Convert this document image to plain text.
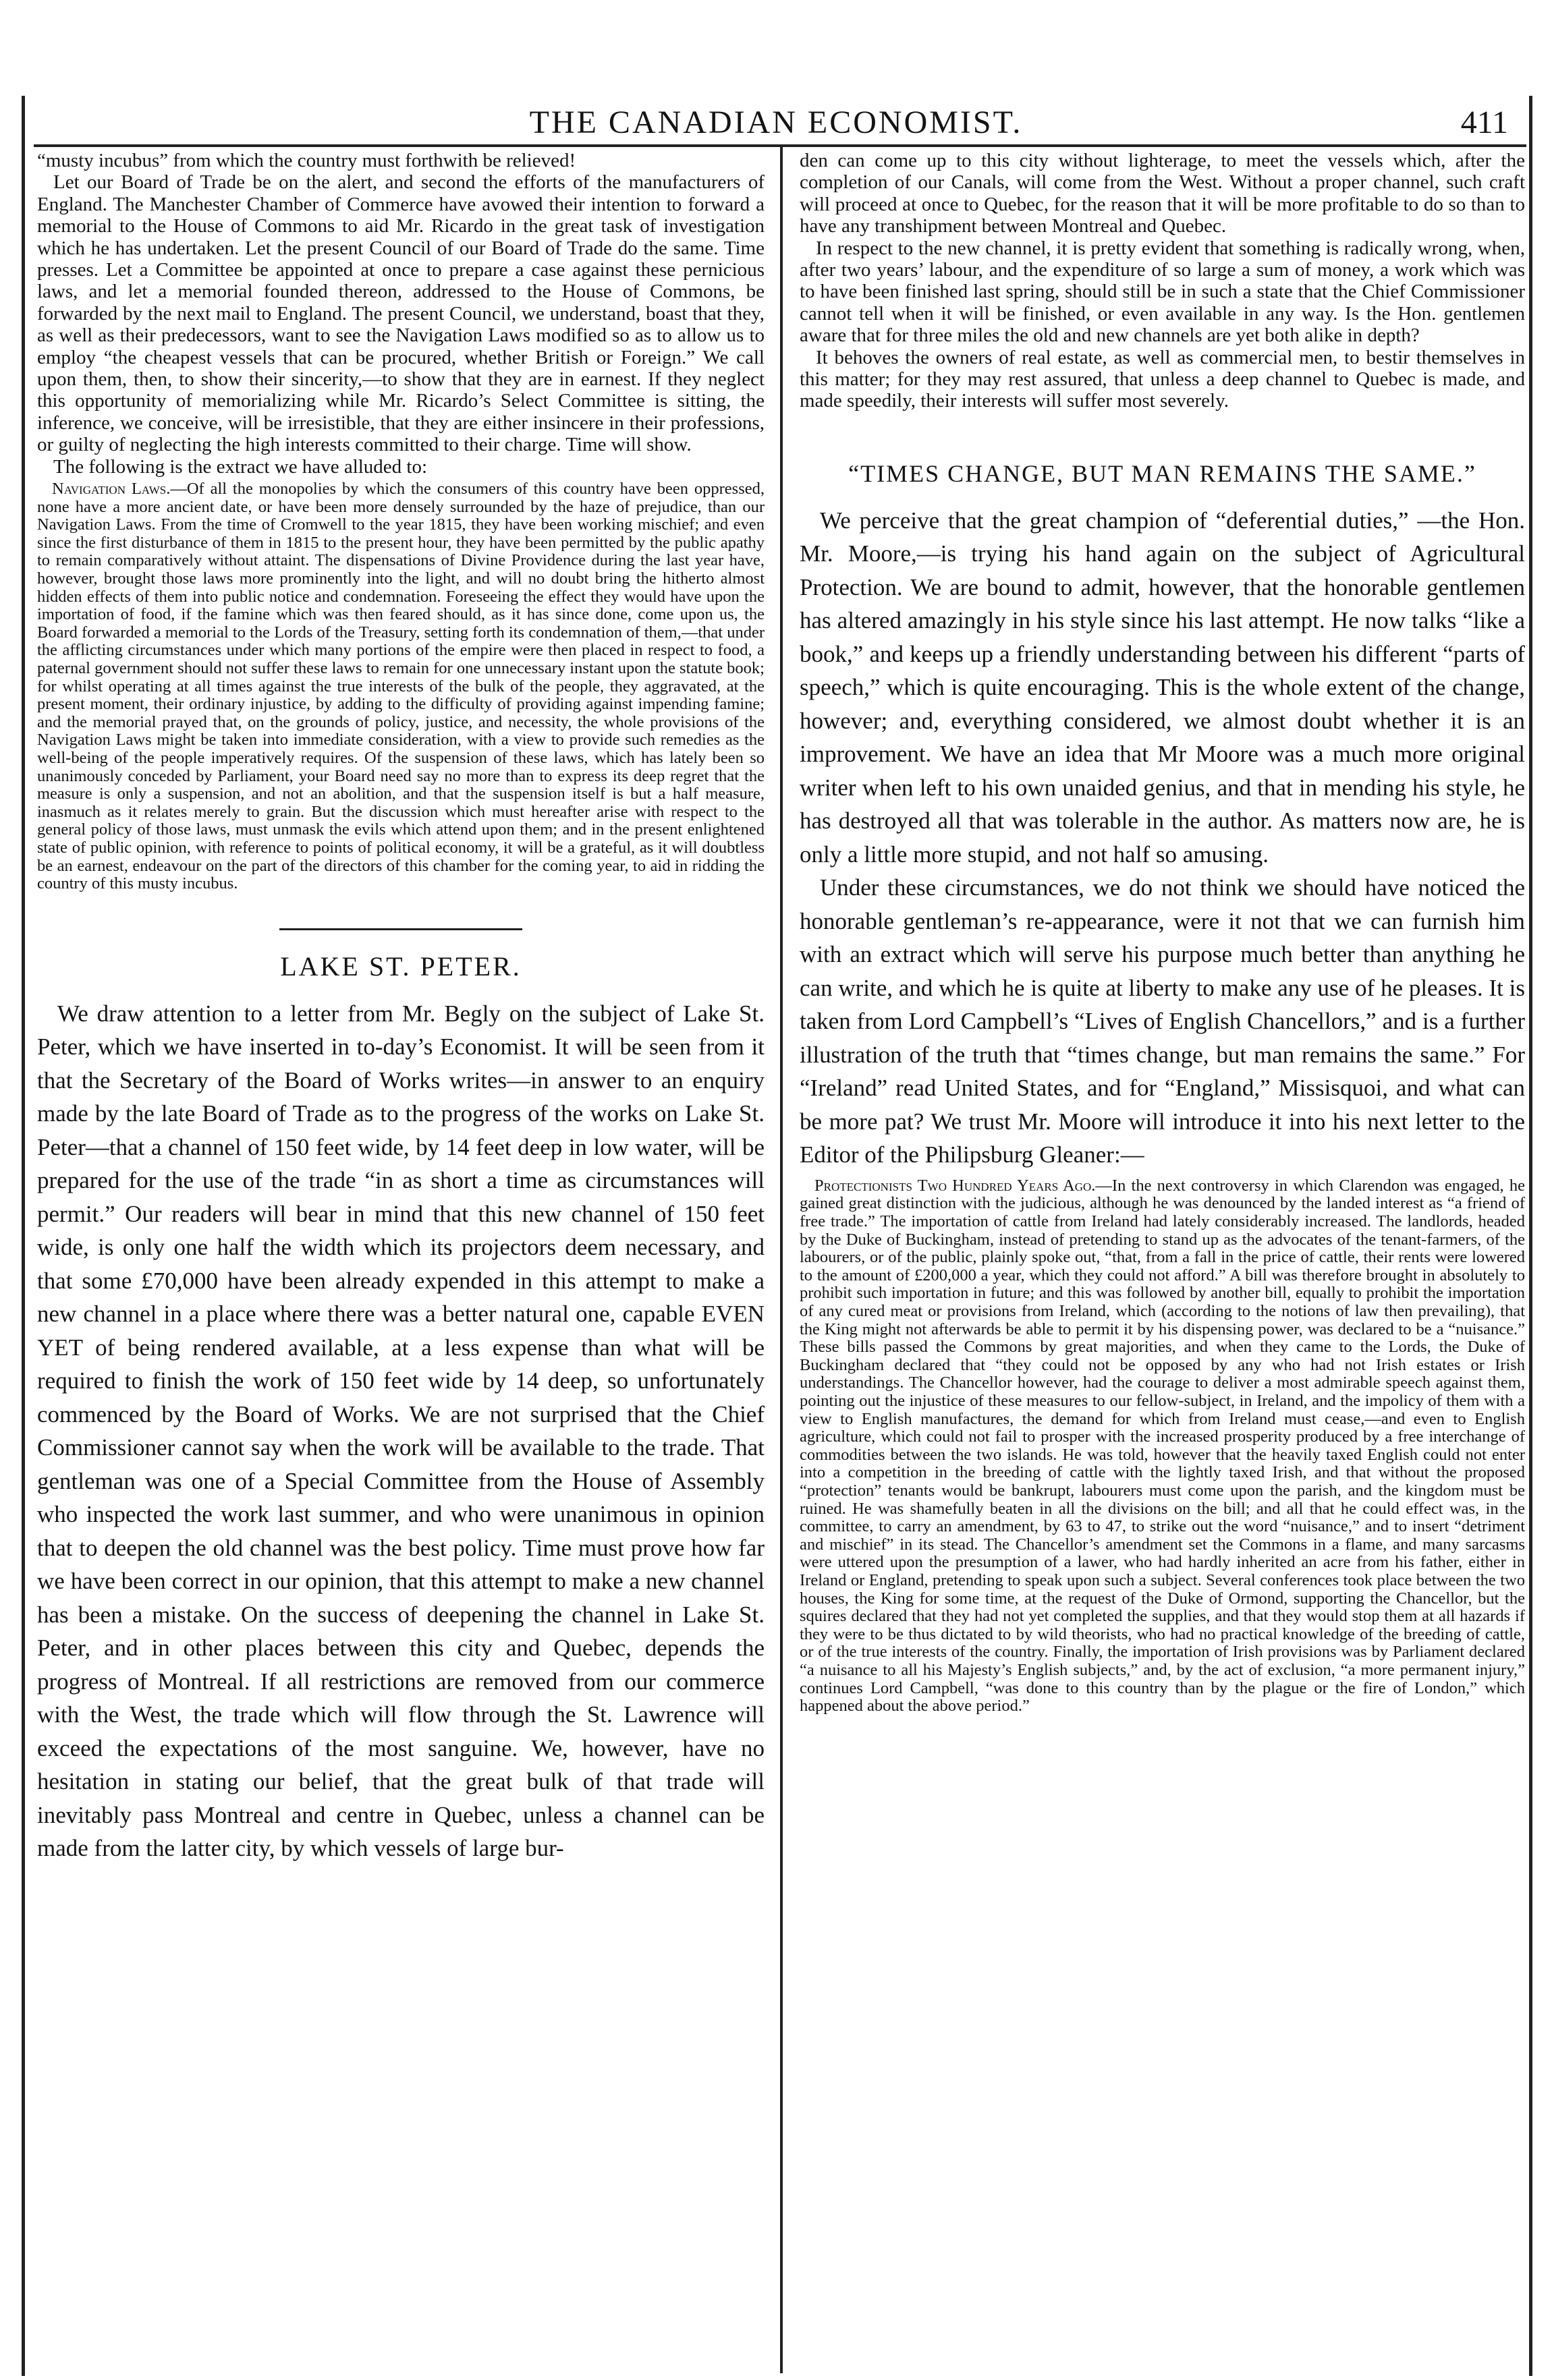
THE CANADIAN ECONOMIST.	411

“musty incubus” from which the country must forthwith be relieved!

Let our Board of Trade be on the alert, and second the efforts of the manufacturers of England. The Manchester Chamber of Commerce have avowed their intention to forward a memorial to the House of Commons to aid Mr. Ricardo in the great task of investigation which he has undertaken. Let the present Council of our Board of Trade do the same. Time presses. Let a Committee be appointed at once to prepare a case against these pernicious laws, and let a memorial founded thereon, addressed to the House of Commons, be forwarded by the next mail to England. The present Council, we understand, boast that they, as well as their predecessors, want to see the Navigation Laws modified so as to allow us to employ “the cheapest vessels that can be procured, whether British or Foreign.” We call upon them, then, to show their sincerity,—to show that they are in earnest. If they neglect this opportunity of memorializing while Mr. Ricardo’s Select Committee is sitting, the inference, we conceive, will be irresistible, that they are either insincere in their professions, or guilty of neglecting the high interests committed to their charge. Time will show.

The following is the extract we have alluded to:

Navigation Laws.—Of all the monopolies by which the consumers of this country have been oppressed, none have a more ancient date, or have been more densely surrounded by the haze of prejudice, than our Navigation Laws. From the time of Cromwell to the year 1815, they have been working mischief; and even since the first disturbance of them in 1815 to the present hour, they have been permitted by the public apathy to remain comparatively without attaint. The dispensations of Divine Providence during the last year have, however, brought those laws more prominently into the light, and will no doubt bring the hitherto almost hidden effects of them into public notice and condemnation. Foreseeing the effect they would have upon the importation of food, if the famine which was then feared should, as it has since done, come upon us, the Board forwarded a memorial to the Lords of the Treasury, setting forth its condemnation of them,—that under the afflicting circumstances under which many portions of the empire were then placed in respect to food, a paternal government should not suffer these laws to remain for one unnecessary instant upon the statute book; for whilst operating at all times against the true interests of the bulk of the people, they aggravated, at the present moment, their ordinary injustice, by adding to the difficulty of providing against impending famine; and the memorial prayed that, on the grounds of policy, justice, and necessity, the whole provisions of the Navigation Laws might be taken into immediate consideration, with a view to provide such remedies as the well-being of the people imperatively requires. Of the suspension of these laws, which has lately been so unanimously conceded by Parliament, your Board need say no more than to express its deep regret that the measure is only a suspension, and not an abolition, and that the suspension itself is but a half measure, inasmuch as it relates merely to grain. But the discussion which must hereafter arise with respect to the general policy of those laws, must unmask the evils which attend upon them; and in the present enlightened state of public opinion, with reference to points of political economy, it will be a grateful, as it will doubtless be an earnest, endeavour on the part of the directors of this chamber for the coming year, to aid in ridding the country of this musty incubus.

LAKE ST. PETER.

We draw attention to a letter from Mr. Begly on the subject of Lake St. Peter, which we have inserted in to-day’s Economist. It will be seen from it that the Secretary of the Board of Works writes—in answer to an enquiry made by the late Board of Trade as to the progress of the works on Lake St. Peter—that a channel of 150 feet wide, by 14 feet deep in low water, will be prepared for the use of the trade “in as short a time as circumstances will permit.” Our readers will bear in mind that this new channel of 150 feet wide, is only one half the width which its projectors deem necessary, and that some £70,000 have been already expended in this attempt to make a new channel in a place where there was a better natural one, capable EVEN YET of being rendered available, at a less expense than what will be required to finish the work of 150 feet wide by 14 deep, so unfortunately commenced by the Board of Works. We are not surprised that the Chief Commissioner cannot say when the work will be available to the trade. That gentleman was one of a Special Committee from the House of Assembly who inspected the work last summer, and who were unanimous in opinion that to deepen the old channel was the best policy. Time must prove how far we have been correct in our opinion, that this attempt to make a new channel has been a mistake. On the success of deepening the channel in Lake St. Peter, and in other places between this city and Quebec, depends the progress of Montreal. If all restrictions are removed from our commerce with the West, the trade which will flow through the St. Lawrence will exceed the expectations of the most sanguine. We, however, have no hesitation in stating our belief, that the great bulk of that trade will inevitably pass Montreal and centre in Quebec, unless a channel can be made from the latter city, by which vessels of large bur-

den can come up to this city without lighterage, to meet the vessels which, after the completion of our Canals, will come from the West. Without a proper channel, such craft will proceed at once to Quebec, for the reason that it will be more profitable to do so than to have any transhipment between Montreal and Quebec.

In respect to the new channel, it is pretty evident that something is radically wrong, when, after two years’ labour, and the expenditure of so large a sum of money, a work which was to have been finished last spring, should still be in such a state that the Chief Commissioner cannot tell when it will be finished, or even available in any way. Is the Hon. gentlemen aware that for three miles the old and new channels are yet both alike in depth?

It behoves the owners of real estate, as well as commercial men, to bestir themselves in this matter; for they may rest assured, that unless a deep channel to Quebec is made, and made speedily, their interests will suffer most severely.

“TIMES CHANGE, BUT MAN REMAINS THE SAME.”

We perceive that the great champion of “deferential duties,” —the Hon. Mr. Moore,—is trying his hand again on the subject of Agricultural Protection. We are bound to admit, however, that the honorable gentlemen has altered amazingly in his style since his last attempt. He now talks “like a book,” and keeps up a friendly understanding between his different “parts of speech,” which is quite encouraging. This is the whole extent of the change, however; and, everything considered, we almost doubt whether it is an improvement. We have an idea that Mr Moore was a much more original writer when left to his own unaided genius, and that in mending his style, he has destroyed all that was tolerable in the author. As matters now are, he is only a little more stupid, and not half so amusing.

Under these circumstances, we do not think we should have noticed the honorable gentleman’s re-appearance, were it not that we can furnish him with an extract which will serve his purpose much better than anything he can write, and which he is quite at liberty to make any use of he pleases. It is taken from Lord Campbell’s “Lives of English Chancellors,” and is a further illustration of the truth that “times change, but man remains the same.” For “Ireland” read United States, and for “England,” Missisquoi, and what can be more pat? We trust Mr. Moore will introduce it into his next letter to the Editor of the Philipsburg Gleaner:—

Protectionists Two Hundred Years Ago.—In the next controversy in which Clarendon was engaged, he gained great distinction with the judicious, although he was denounced by the landed interest as “a friend of free trade.” The importation of cattle from Ireland had lately considerably increased. The landlords, headed by the Duke of Buckingham, instead of pretending to stand up as the advocates of the tenant-farmers, of the labourers, or of the public, plainly spoke out, “that, from a fall in the price of cattle, their rents were lowered to the amount of £200,000 a year, which they could not afford.” A bill was therefore brought in absolutely to prohibit such importation in future; and this was followed by another bill, equally to prohibit the importation of any cured meat or provisions from Ireland, which (according to the notions of law then prevailing), that the King might not afterwards be able to permit it by his dispensing power, was declared to be a “nuisance.” These bills passed the Commons by great majorities, and when they came to the Lords, the Duke of Buckingham declared that “they could not be opposed by any who had not Irish estates or Irish understandings. The Chancellor however, had the courage to deliver a most admirable speech against them, pointing out the injustice of these measures to our fellow-subject, in Ireland, and the impolicy of them with a view to English manufactures, the demand for which from Ireland must cease,—and even to English agriculture, which could not fail to prosper with the increased prosperity produced by a free interchange of commodities between the two islands. He was told, however that the heavily taxed English could not enter into a competition in the breeding of cattle with the lightly taxed Irish, and that without the proposed “protection” tenants would be bankrupt, labourers must come upon the parish, and the kingdom must be ruined. He was shamefully beaten in all the divisions on the bill; and all that he could effect was, in the committee, to carry an amendment, by 63 to 47, to strike out the word “nuisance,” and to insert “detriment and mischief” in its stead. The Chancellor’s amendment set the Commons in a flame, and many sarcasms were uttered upon the presumption of a lawer, who had hardly inherited an acre from his father, either in Ireland or England, pretending to speak upon such a subject. Several conferences took place between the two houses, the King for some time, at the request of the Duke of Ormond, supporting the Chancellor, but the squires declared that they had not yet completed the supplies, and that they would stop them at all hazards if they were to be thus dictated to by wild theorists, who had no practical knowledge of the breeding of cattle, or of the true interests of the country. Finally, the importation of Irish provisions was by Parliament declared “a nuisance to all his Majesty’s English subjects,” and, by the act of exclusion, “a more permanent injury,” continues Lord Campbell, “was done to this country than by the plague or the fire of London,” which happened about the above period.”
